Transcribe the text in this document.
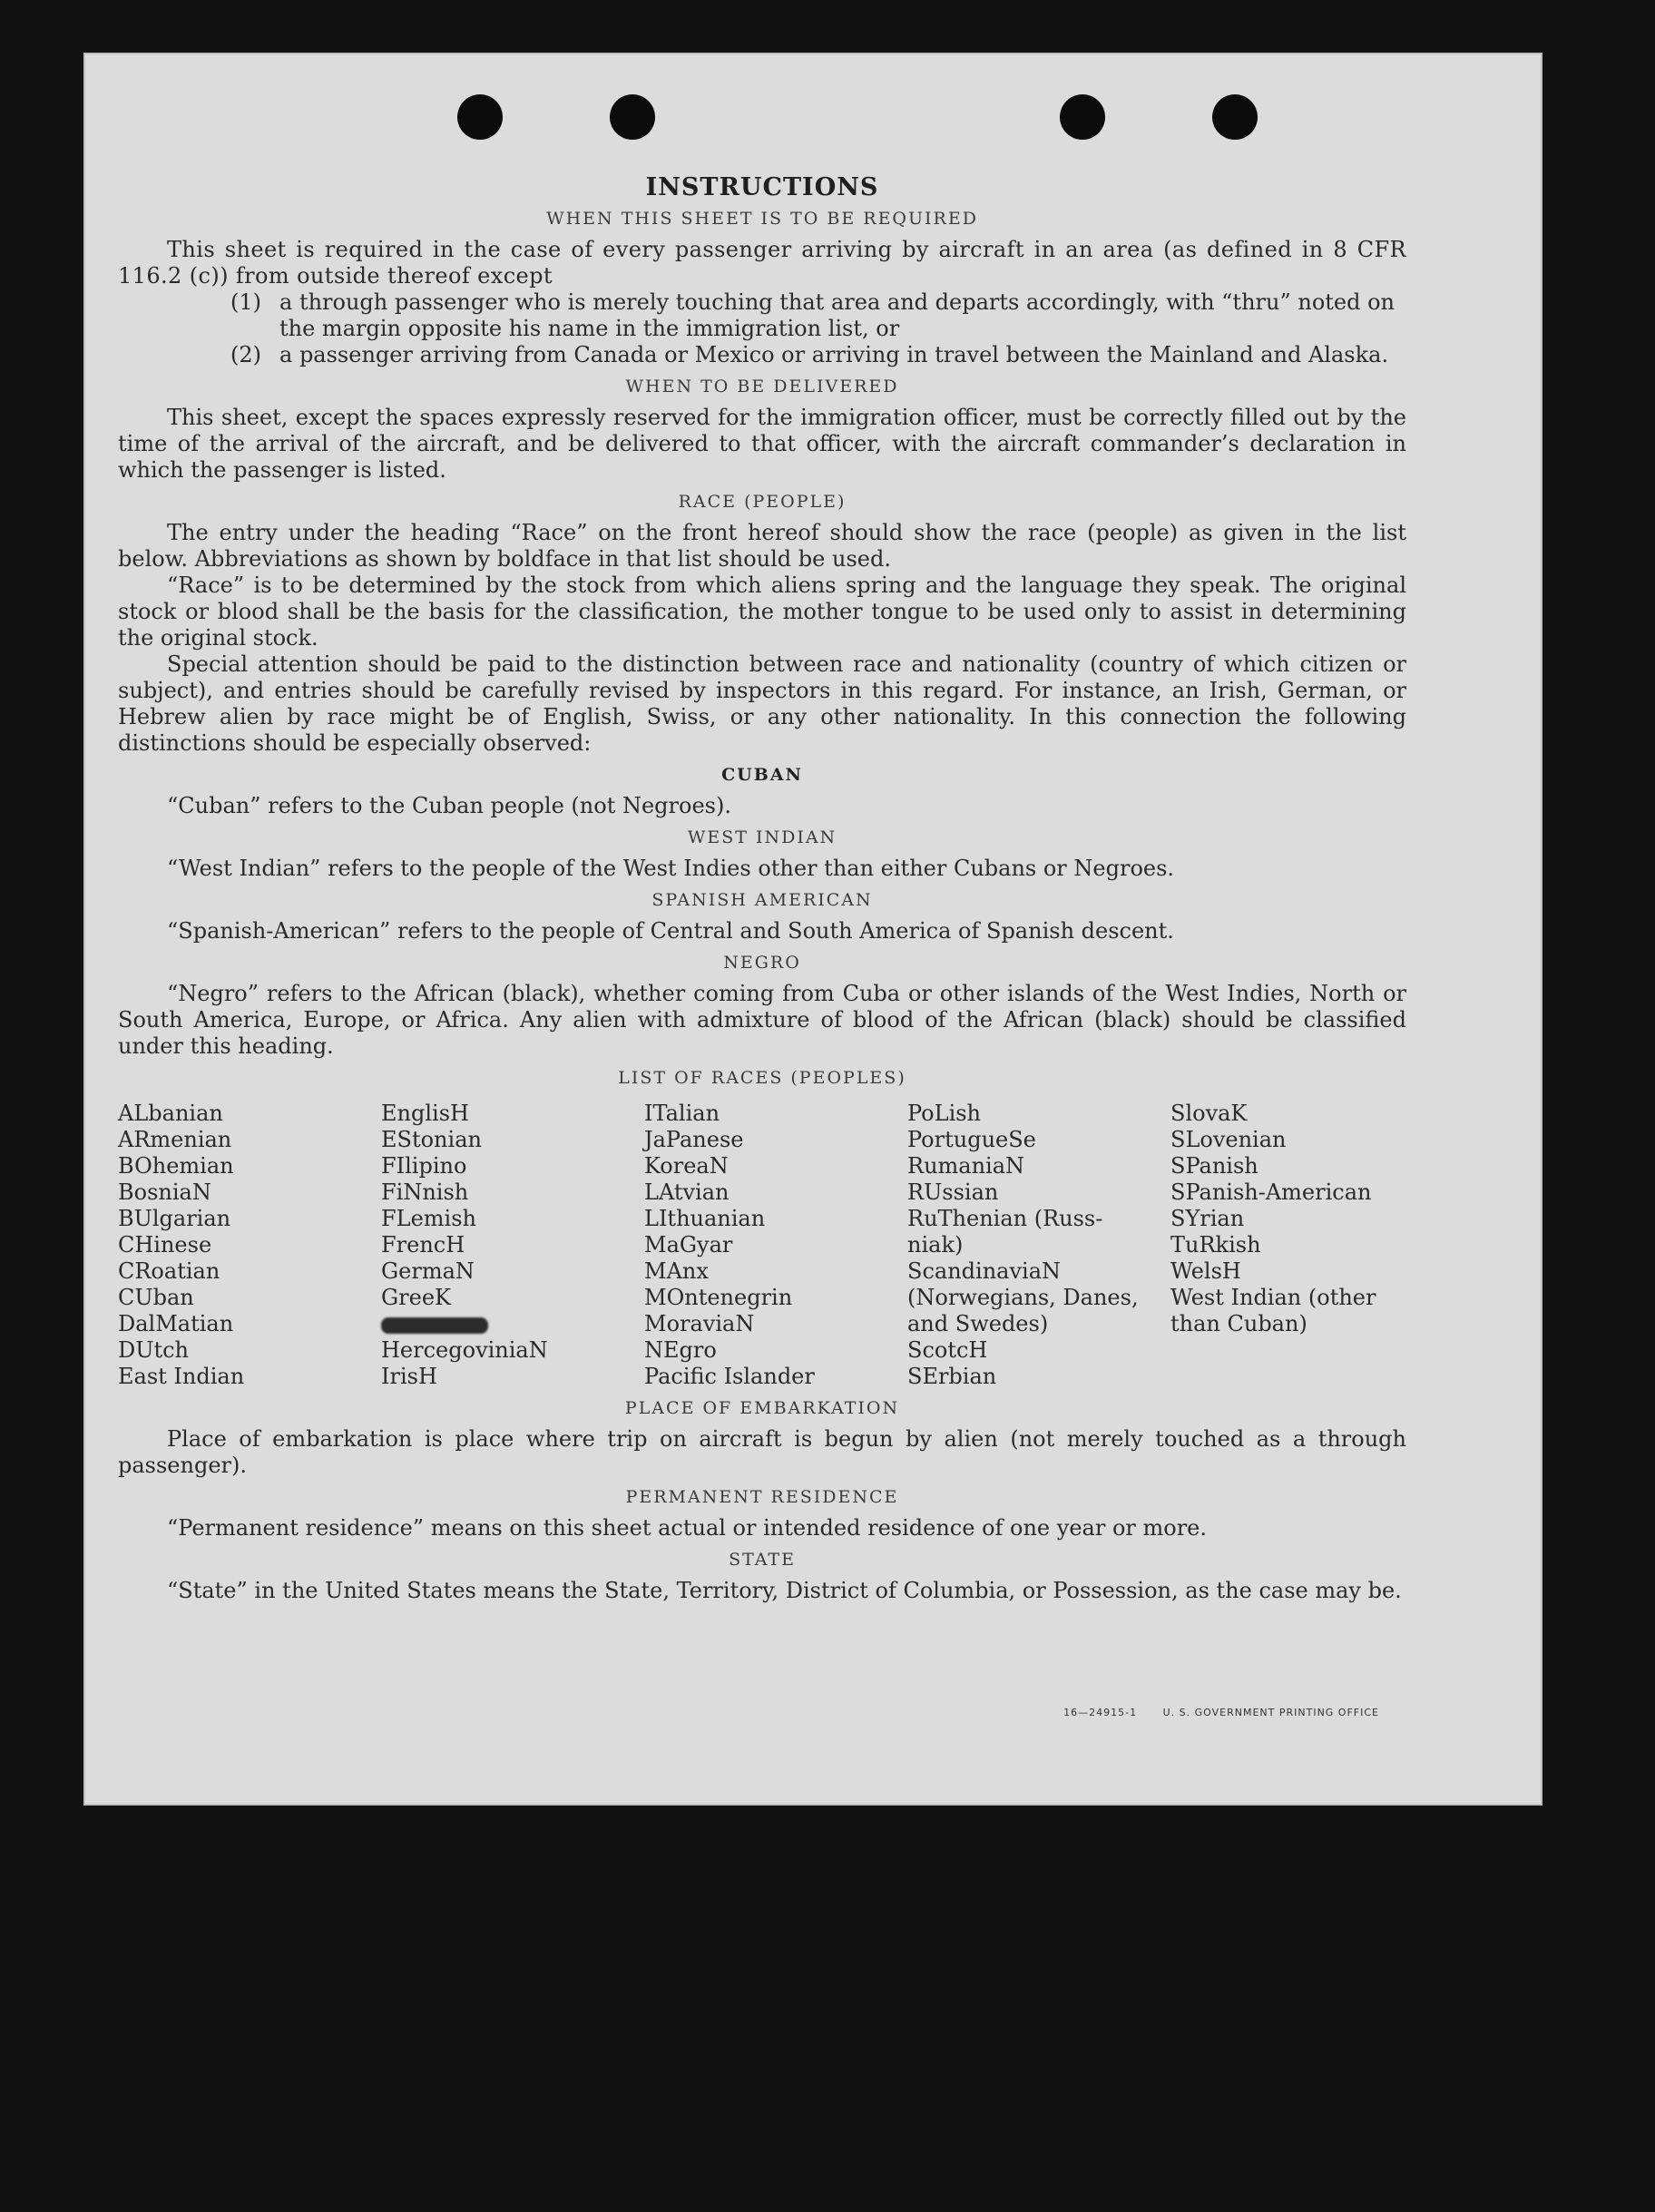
INSTRUCTIONS
WHEN THIS SHEET IS TO BE REQUIRED

This sheet is required in the case of every passenger arriving by aircraft in an area (as defined in 8 CFR 116.2 (c)) from outside thereof except

(1) a through passenger who is merely touching that area and departs accordingly, with “thru” noted on the margin opposite his name in the immigration list, or
(2) a passenger arriving from Canada or Mexico or arriving in travel between the Mainland and Alaska.
WHEN TO BE DELIVERED

This sheet, except the spaces expressly reserved for the immigration officer, must be correctly filled out by the time of the arrival of the aircraft, and be delivered to that officer, with the aircraft commander’s declaration in which the passenger is listed.

RACE (PEOPLE)

The entry under the heading “Race” on the front hereof should show the race (people) as given in the list below. Abbreviations as shown by boldface in that list should be used.

“Race” is to be determined by the stock from which aliens spring and the language they speak. The original stock or blood shall be the basis for the classification, the mother tongue to be used only to assist in determining the original stock.

Special attention should be paid to the distinction between race and nationality (country of which citizen or subject), and entries should be carefully revised by inspectors in this regard. For instance, an Irish, German, or Hebrew alien by race might be of English, Swiss, or any other nationality. In this connection the following distinctions should be especially observed:

CUBAN

“Cuban” refers to the Cuban people (not Negroes).

WEST INDIAN

“West Indian” refers to the people of the West Indies other than either Cubans or Negroes.

SPANISH AMERICAN

“Spanish-American” refers to the people of Central and South America of Spanish descent.

NEGRO

“Negro” refers to the African (black), whether coming from Cuba or other islands of the West Indies, North or South America, Europe, or Africa. Any alien with admixture of blood of the African (black) should be classified under this heading.

LIST OF RACES (PEOPLES)
ALbanian
ARmenian
BOhemian
BosniaN
BUlgarian
CHinese
CRoatian
CUban
DalMatian
DUtch
East Indian
EnglisH
EStonian
FIlipino
FiNnish
FLemish
FrencH
GermaN
GreeK
HercegoviniaN
IrisH
ITalian
JaPanese
KoreaN
LAtvian
LIthuanian
MaGyar
MAnx
MOntenegrin
MoraviaN
NEgro
Pacific Islander
PoLish
PortugueSe
RumaniaN
RUssian
RuThenian (Russ-niak)
ScandinaviaN (Norwegians, Danes, and Swedes)
ScotcH
SErbian
SlovaK
SLovenian
SPanish
SPanish-American
SYrian
TuRkish
WelsH
West Indian (other than Cuban)
PLACE OF EMBARKATION

Place of embarkation is place where trip on aircraft is begun by alien (not merely touched as a through passenger).

PERMANENT RESIDENCE

“Permanent residence” means on this sheet actual or intended residence of one year or more.

STATE

“State” in the United States means the State, Territory, District of Columbia, or Possession, as the case may be.

16—24915-1	U. S. GOVERNMENT PRINTING OFFICE
